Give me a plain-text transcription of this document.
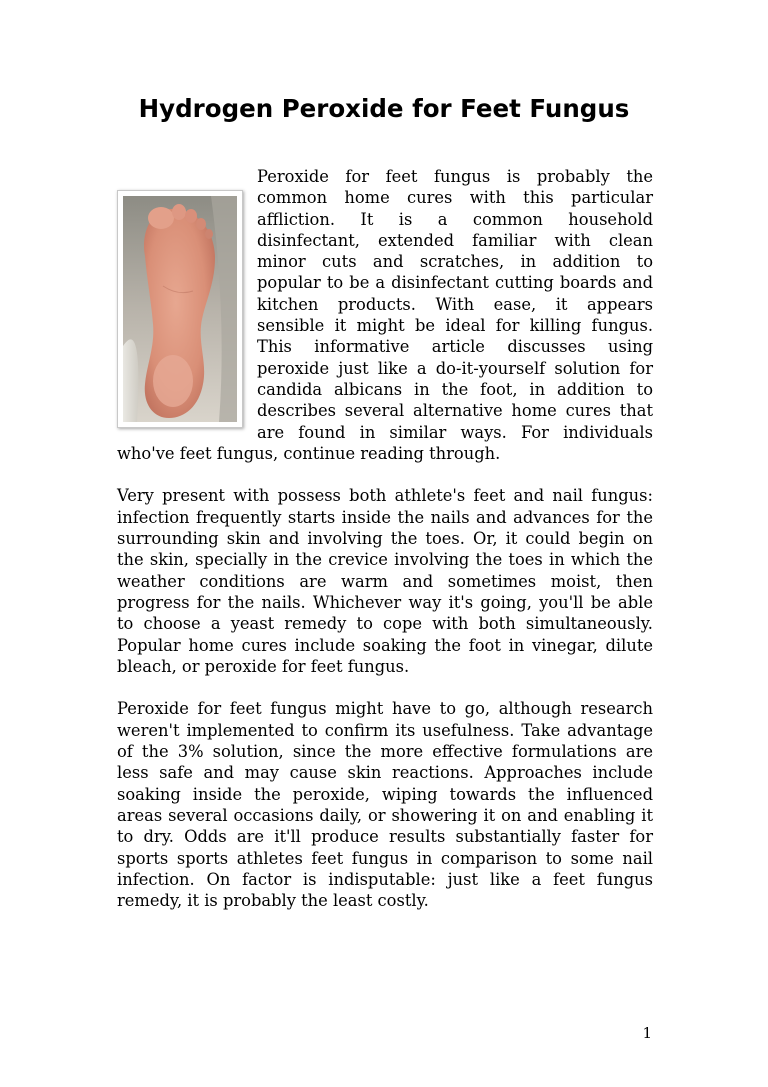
Hydrogen Peroxide for Feet Fungus

Peroxide for feet fungus is probably the common home cures with this particular affliction. It is a common household disinfectant, extended familiar with clean minor cuts and scratches, in addition to popular to be a disinfectant cutting boards and kitchen products. With ease, it appears sensible it might be ideal for killing fungus. This informative article discusses using peroxide just like a do-it-yourself solution for candida albicans in the foot, in addition to describes several alternative home cures that are found in similar ways. For individuals who've feet fungus, continue reading through.

Very present with possess both athlete's feet and nail fungus: infection frequently starts inside the nails and advances for the surrounding skin and involving the toes. Or, it could begin on the skin, specially in the crevice involving the toes in which the weather conditions are warm and sometimes moist, then progress for the nails. Whichever way it's going, you'll be able to choose a yeast remedy to cope with both simultaneously. Popular home cures include soaking the foot in vinegar, dilute bleach, or peroxide for feet fungus.

Peroxide for feet fungus might have to go, although research weren't implemented to confirm its usefulness. Take advantage of the 3% solution, since the more effective formulations are less safe and may cause skin reactions. Approaches include soaking inside the peroxide, wiping towards the influenced areas several occasions daily, or showering it on and enabling it to dry. Odds are it'll produce results substantially faster for sports sports athletes feet fungus in comparison to some nail infection. On factor is indisputable: just like a feet fungus remedy, it is probably the least costly.

1
